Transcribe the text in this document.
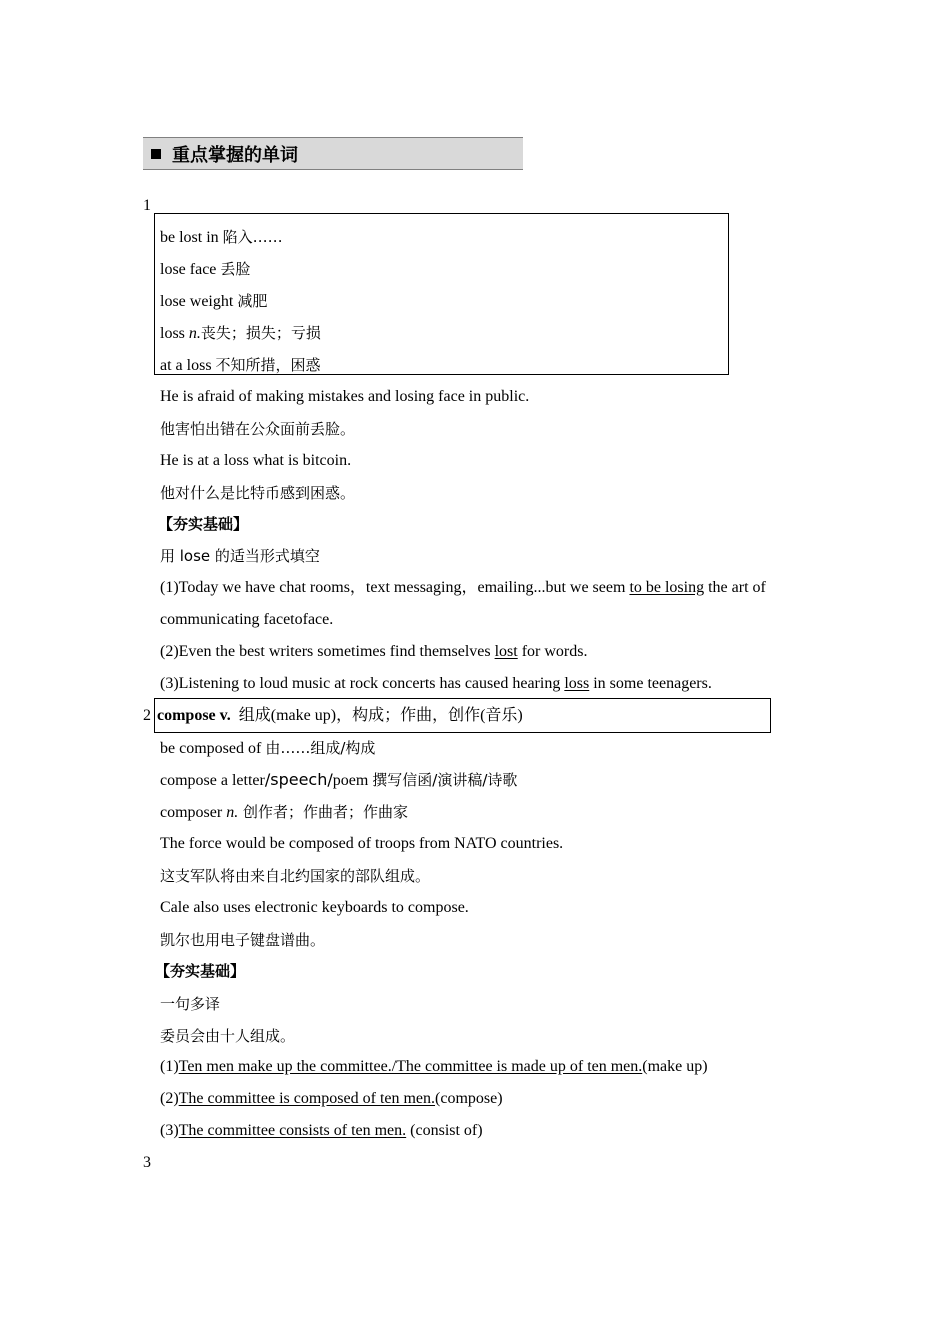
重点掌握的单词
1
be lost in 陷入……
lose face 丢脸
lose weight 减肥
loss n.丧失；损失；亏损
at a loss 不知所措，困惑
He is afraid of making mistakes and losing face in public.
他害怕出错在公众面前丢脸。
He is at a loss what is bitcoin.
他对什么是比特币感到困惑。
【夯实基础】
用 lose 的适当形式填空
(1)Today we have chat rooms，text messaging，emailing...but we seem to be losing the art of
communicating facetoface.
(2)Even the best writers sometimes find themselves lost for words.
(3)Listening to loud music at rock concerts has caused hearing loss in some teenagers.
2 compose v. 组成(make up)，构成；作曲，创作(音乐)
be composed of 由……组成/构成
compose a letter/speech/poem 撰写信函/演讲稿/诗歌
composer n. 创作者；作曲者；作曲家
The force would be composed of troops from NATO countries.
这支军队将由来自北约国家的部队组成。
Cale also uses electronic keyboards to compose.
凯尔也用电子键盘谱曲。
【夯实基础】
一句多译
委员会由十人组成。
(1)Ten men make up the committee./The committee is made up of ten men.(make up)
(2)The committee is composed of ten men.(compose)
(3)The committee consists of ten men. (consist of)
3
